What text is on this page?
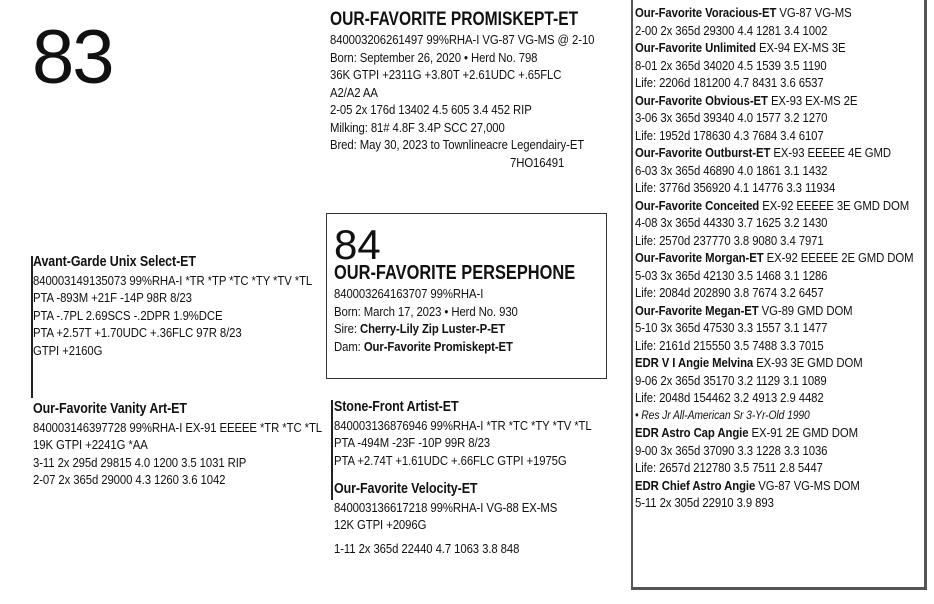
83	OUR-FAVORITE PROMISKEPT-ET
840003206261497 99%RHA-I VG-87 VG-MS @ 2-10
Born: September 26, 2020 • Herd No. 798
36K GTPI +2311G +3.80T +2.61UDC +.65FLC
A2/A2 AA
2-05 2x 176d 13402 4.5 605 3.4 452 RIP
Milking: 81# 4.8F 3.4P SCC 27,000
Bred: May 30, 2023 to Townlineacre Legendairy-ET
7HO16491
84
OUR-FAVORITE PERSEPHONE
840003264163707 99%RHA-I
Born: March 17, 2023 • Herd No. 930
Sire: Cherry-Lily Zip Luster-P-ET
Dam: Our-Favorite Promiskept-ET
Avant-Garde Unix Select-ET
840003149135073 99%RHA-I *TR *TP *TC *TY *TV *TL
PTA -893M +21F -14P 98R 8/23
PTA -.7PL 2.69SCS -.2DPR 1.9%DCE
PTA +2.57T +1.70UDC +.36FLC 97R 8/23
GTPI +2160G
Our-Favorite Vanity Art-ET
840003146397728 99%RHA-I EX-91 EEEEE *TR *TC *TL
19K GTPI +2241G *AA
3-11 2x 295d 29815 4.0 1200 3.5 1031 RIP
2-07 2x 365d 29000 4.3 1260 3.6 1042
Stone-Front Artist-ET
840003136876946 99%RHA-I *TR *TC *TY *TV *TL
PTA -494M -23F -10P 99R 8/23
PTA +2.74T +1.61UDC +.66FLC GTPI +1975G
Our-Favorite Velocity-ET
840003136617218 99%RHA-I VG-88 EX-MS
12K GTPI +2096G
1-11 2x 365d 22440 4.7 1063 3.8 848
Our-Favorite Voracious-ET VG-87 VG-MS
2-00 2x 365d 29300 4.4 1281 3.4 1002
Our-Favorite Unlimited EX-94 EX-MS 3E
8-01 2x 365d 34020 4.5 1539 3.5 1190
Life: 2206d 181200 4.7 8431 3.6 6537
Our-Favorite Obvious-ET EX-93 EX-MS 2E
3-06 3x 365d 39340 4.0 1577 3.2 1270
Life: 1952d 178630 4.3 7684 3.4 6107
Our-Favorite Outburst-ET EX-93 EEEEE 4E GMD
6-03 3x 365d 46890 4.0 1861 3.1 1432
Life: 3776d 356920 4.1 14776 3.3 11934
Our-Favorite Conceited EX-92 EEEEE 3E GMD DOM
4-08 3x 365d 44330 3.7 1625 3.2 1430
Life: 2570d 237770 3.8 9080 3.4 7971
Our-Favorite Morgan-ET EX-92 EEEEE 2E GMD DOM
5-03 3x 365d 42130 3.5 1468 3.1 1286
Life: 2084d 202890 3.8 7674 3.2 6457
Our-Favorite Megan-ET VG-89 GMD DOM
5-10 3x 365d 47530 3.3 1557 3.1 1477
Life: 2161d 215550 3.5 7488 3.3 7015
EDR V I Angie Melvina EX-93 3E GMD DOM
9-06 2x 365d 35170 3.2 1129 3.1 1089
Life: 2048d 154462 3.2 4913 2.9 4482
• Res Jr All-American Sr 3-Yr-Old 1990
EDR Astro Cap Angie EX-91 2E GMD DOM
9-00 3x 365d 37090 3.3 1228 3.3 1036
Life: 2657d 212780 3.5 7511 2.8 5447
EDR Chief Astro Angie VG-87 VG-MS DOM
5-11 2x 305d 22910 3.9 893
